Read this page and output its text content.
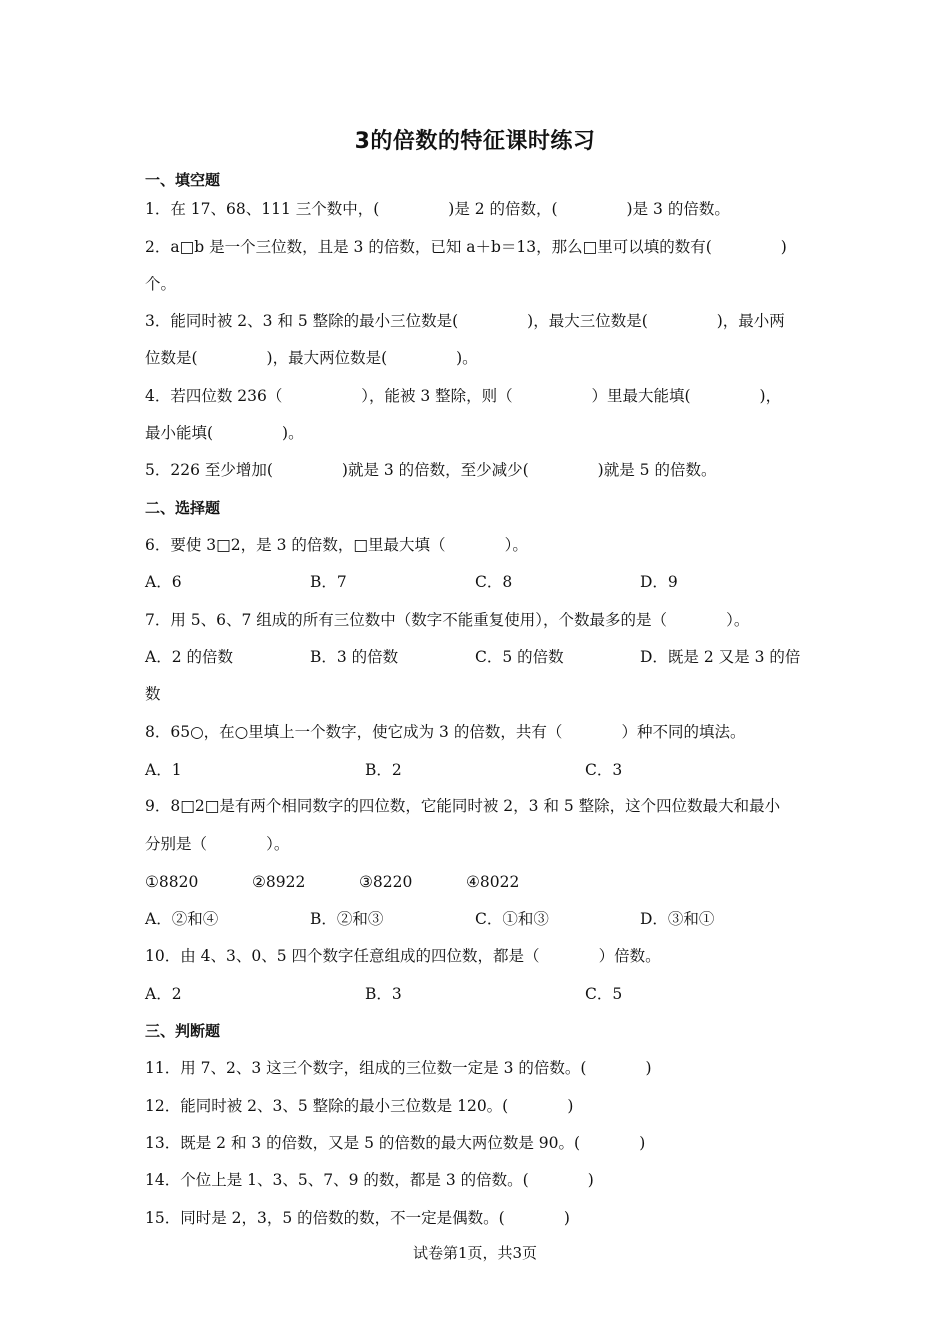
3的倍数的特征课时练习
一、填空题
1．在 17、68、111 三个数中，(              )是 2 的倍数，(              )是 3 的倍数。
2．a□b 是一个三位数，且是 3 的倍数，已知 a＋b＝13，那么□里可以填的数有(              )
个。
3．能同时被 2、3 和 5 整除的最小三位数是(              )，最大三位数是(              )，最小两
位数是(              )，最大两位数是(              )。
4．若四位数 236（                ），能被 3 整除，则（                ）里最大能填(              )，
最小能填(              )。
5．226 至少增加(              )就是 3 的倍数，至少减少(              )就是 5 的倍数。
二、选择题
6．要使 3□2，是 3 的倍数，□里最大填（            ）。
A．6	B．7	C．8	D．9
7．用 5、6、7 组成的所有三位数中（数字不能重复使用），个数最多的是（            ）。
A．2 的倍数	B．3 的倍数	C．5 的倍数	D．既是 2 又是 3 的倍
数
8．65○，在○里填上一个数字，使它成为 3 的倍数，共有（            ）种不同的填法。
A．1	B．2	C．3
9．8□2□是有两个相同数字的四位数，它能同时被 2，3 和 5 整除，这个四位数最大和最小
分别是（            ）。
①8820	②8922	③8220	④8022
A．②和④	B．②和③	C．①和③	D．③和①
10．由 4、3、0、5 四个数字任意组成的四位数，都是（            ）倍数。
A．2	B．3	C．5
三、判断题
11．用 7、2、3 这三个数字，组成的三位数一定是 3 的倍数。(            )
12．能同时被 2、3、5 整除的最小三位数是 120。(            )
13．既是 2 和 3 的倍数，又是 5 的倍数的最大两位数是 90。(            )
14．个位上是 1、3、5、7、9 的数，都是 3 的倍数。(            )
15．同时是 2，3，5 的倍数的数，不一定是偶数。(            )
试卷第1页，共3页
